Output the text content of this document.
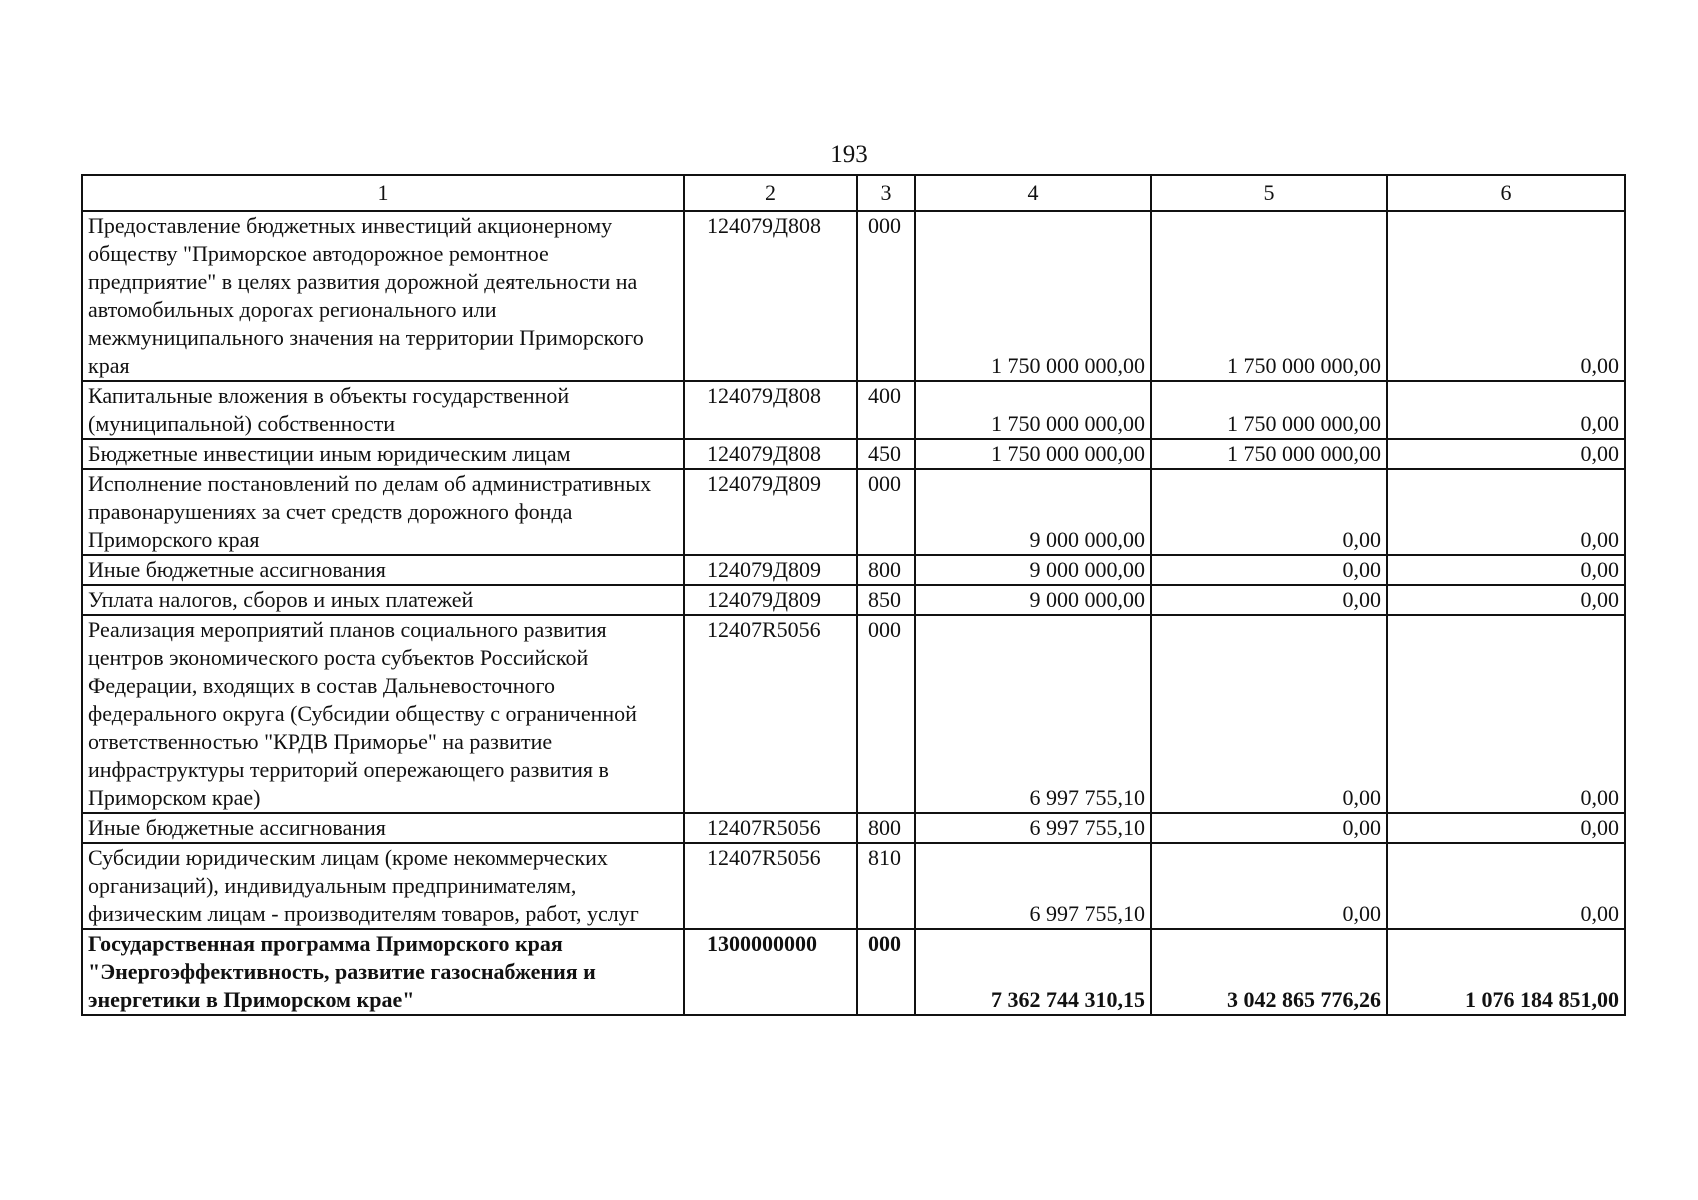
193
1	2	3	4	5	6
Предоставление бюджетных инвестиций акционерному обществу "Приморское автодорожное ремонтное предприятие" в целях развития дорожной деятельности на автомобильных дорогах регионального или межмуниципального значения на территории Приморского края	124079Д808	000	1 750 000 000,00	1 750 000 000,00	0,00
Капитальные вложения в объекты государственной (муниципальной) собственности	124079Д808	400	1 750 000 000,00	1 750 000 000,00	0,00
Бюджетные инвестиции иным юридическим лицам	124079Д808	450	1 750 000 000,00	1 750 000 000,00	0,00
Исполнение постановлений по делам об административных правонарушениях за счет средств дорожного фонда Приморского края	124079Д809	000	9 000 000,00	0,00	0,00
Иные бюджетные ассигнования	124079Д809	800	9 000 000,00	0,00	0,00
Уплата налогов, сборов и иных платежей	124079Д809	850	9 000 000,00	0,00	0,00
Реализация мероприятий планов социального развития центров экономического роста субъектов Российской Федерации, входящих в состав Дальневосточного федерального округа (Субсидии обществу с ограниченной ответственностью "КРДВ Приморье" на развитие инфраструктуры территорий опережающего развития в Приморском крае)	12407R5056	000	6 997 755,10	0,00	0,00
Иные бюджетные ассигнования	12407R5056	800	6 997 755,10	0,00	0,00
Субсидии юридическим лицам (кроме некоммерческих организаций), индивидуальным предпринимателям, физическим лицам - производителям товаров, работ, услуг	12407R5056	810	6 997 755,10	0,00	0,00
Государственная программа Приморского края "Энергоэффективность, развитие газоснабжения и энергетики в Приморском крае"	1300000000	000	7 362 744 310,15	3 042 865 776,26	1 076 184 851,00
